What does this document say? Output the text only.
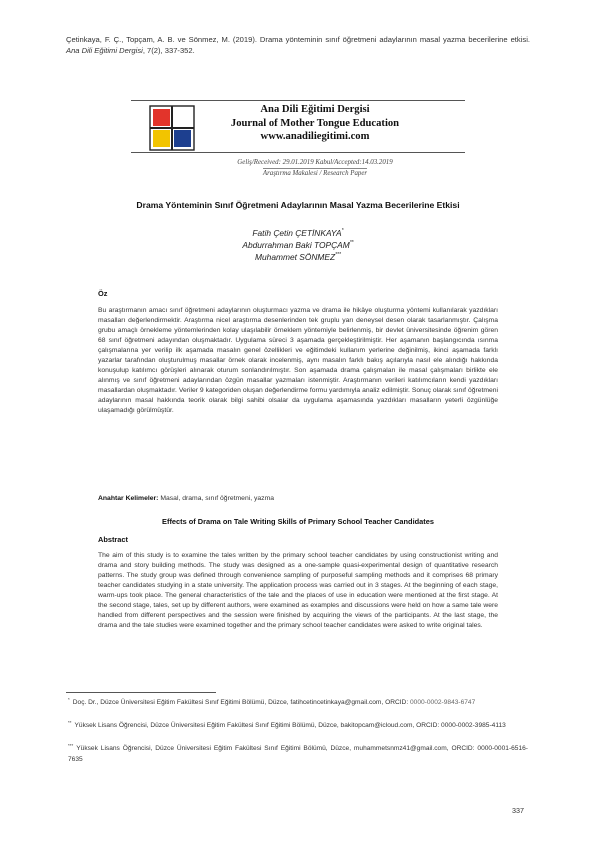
Çetinkaya, F. Ç., Topçam, A. B. ve Sönmez, M. (2019). Drama yönteminin sınıf öğretmeni adaylarının masal yazma becerilerine etkisi. Ana Dili Eğitimi Dergisi, 7(2), 337-352.
Ana Dili Eğitimi Dergisi
Journal of Mother Tongue Education
www.anadiliegitimi.com
Geliş/Received: 29.01.2019 Kabul/Accepted:14.03.2019
Araştırma Makalesi / Research Paper
Drama Yönteminin Sınıf Öğretmeni Adaylarının Masal Yazma Becerilerine Etkisi
Fatih Çetin ÇETİNKAYA*
Abdurrahman Baki TOPÇAM**
Muhammet SÖNMEZ***
Öz
Bu araştırmanın amacı sınıf öğretmeni adaylarının oluşturmacı yazma ve drama ile hikâye oluşturma yöntemi kullanılarak yazdıkları masalları değerlendirmektir. Araştırma nicel araştırma desenlerinden tek gruplu yarı deneysel desen olarak tasarlanmıştır. Çalışma grubu amaçlı örnekleme yöntemlerinden kolay ulaşılabilir örneklem yöntemiyle belirlenmiş, bir devlet üniversitesinde öğrenim gören 68 sınıf öğretmeni adayından oluşmaktadır. Uygulama süreci 3 aşamada gerçekleştirilmiştir. Her aşamanın başlangıcında ısınma çalışmalarına yer verilip ilk aşamada masalın genel özellikleri ve eğitimdeki kullanım yerlerine değinilmiş, ikinci aşamada farklı yazarlar tarafından oluşturulmuş masallar örnek olarak incelenmiş, aynı masalın farklı bakış açılarıyla nasıl ele alındığı hakkında konuşulup katılımcı görüşleri alınarak oturum sonlandırılmıştır. Son aşamada drama çalışmaları ile masal çalışmaları birlikte ele alınmış ve sınıf öğretmeni adaylarından özgün masallar yazmaları istenmiştir. Araştırmanın verileri katılımcıların kendi yazdıkları masallardan oluşmaktadır. Veriler 9 kategoriden oluşan değerlendirme formu yardımıyla analiz edilmiştir. Sonuç olarak sınıf öğretmeni adaylarının masal hakkında teorik olarak bilgi sahibi olsalar da uygulama aşamasında yazdıkları masalların yeterli özgünlüğe ulaşamadığı görülmüştür.
Anahtar Kelimeler: Masal, drama, sınıf öğretmeni, yazma
Effects of Drama on Tale Writing Skills of Primary School Teacher Candidates
Abstract
The aim of this study is to examine the tales written by the primary school teacher candidates by using constructionist writing and drama and story building methods. The study was designed as a one-sample quasi-experimental design of quantitative research patterns. The study group was defined through convenience sampling of purposeful sampling methods and it comprises 68 primary teacher candidates studying in a state university. The application process was carried out in 3 stages. At the beginning of each stage, warm-ups took place. The general characteristics of the tale and the places of use in education were mentioned at the first stage. At the second stage, tales, set up by different authors, were examined as examples and discussions were held on how a same tale were handled from different perspectives and the session were finished by acquiring the views of the participants. At the last stage, the drama and the tale studies were examined together and the primary school teacher candidates were asked to write original tales.
* Doç. Dr., Düzce Üniversitesi Eğitim Fakültesi Sınıf Eğitimi Bölümü, Düzce, fatihcetincetinkaya@gmail.com, ORCID: 0000-0002-9843-6747
** Yüksek Lisans Öğrencisi, Düzce Üniversitesi Eğitim Fakültesi Sınıf Eğitimi Bölümü, Düzce, bakitopcam@icloud.com, ORCID: 0000-0002-3985-4113
*** Yüksek Lisans Öğrencisi, Düzce Üniversitesi Eğitim Fakültesi Sınıf Eğitimi Bölümü, Düzce, muhammetsnmz41@gmail.com, ORCID: 0000-0001-6516-7635
337
